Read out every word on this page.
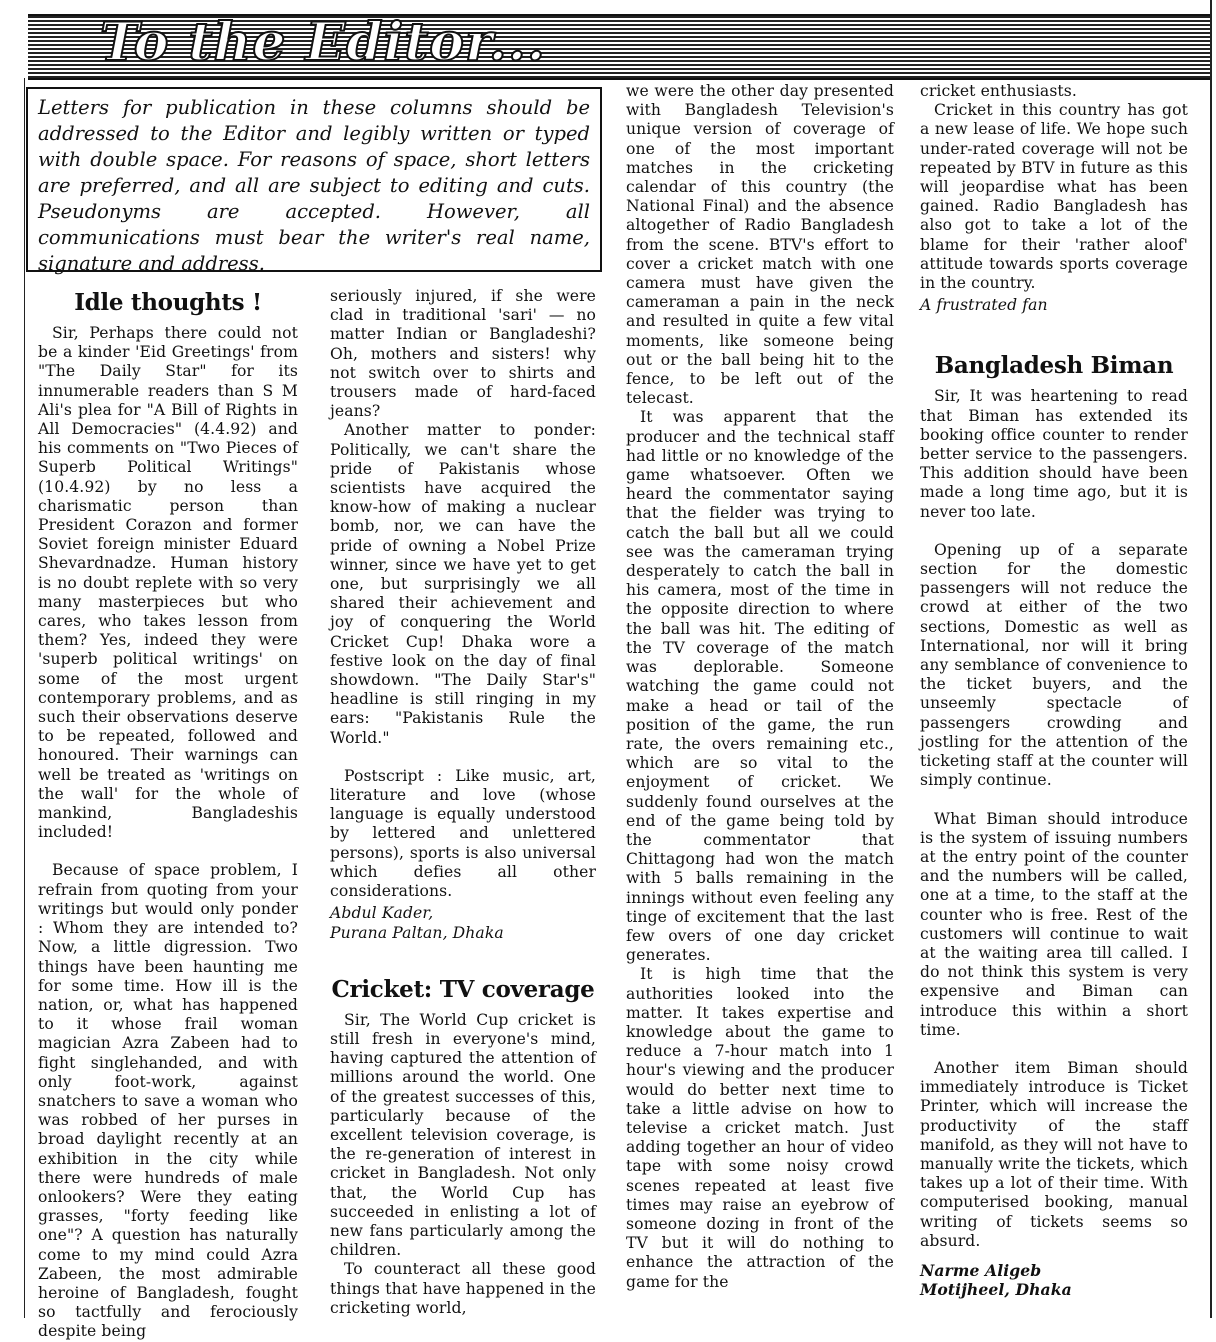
To the Editor...
Letters for publication in these columns should be addressed to the Editor and legibly written or typed with double space. For reasons of space, short letters are preferred, and all are subject to editing and cuts. Pseudonyms are accepted. However, all communications must bear the writer's real name, signature and address.
Idle thoughts !

Sir, Perhaps there could not be a kinder 'Eid Greetings' from "The Daily Star" for its innumerable readers than S M Ali's plea for "A Bill of Rights in All Democracies" (4.4.92) and his comments on "Two Pieces of Superb Political Writings" (10.4.92) by no less a charismatic person than President Corazon and former Soviet foreign minister Eduard Shevardnadze. Human history is no doubt replete with so very many masterpieces but who cares, who takes lesson from them? Yes, indeed they were 'superb political writings' on some of the most urgent contemporary problems, and as such their observations deserve to be repeated, followed and honoured. Their warnings can well be treated as 'writings on the wall' for the whole of mankind, Bangladeshis included!

Because of space problem, I refrain from quoting from your writings but would only ponder : Whom they are intended to? Now, a little digression. Two things have been haunting me for some time. How ill is the nation, or, what has happened to it whose frail woman magician Azra Zabeen had to fight singlehanded, and with only foot-work, against snatchers to save a woman who was robbed of her purses in broad daylight recently at an exhibition in the city while there were hundreds of male onlookers? Were they eating grasses, "forty feeding like one"? A question has naturally come to my mind could Azra Zabeen, the most admirable heroine of Bangladesh, fought so tactfully and ferociously despite being

seriously injured, if she were clad in traditional 'sari' — no matter Indian or Bangladeshi? Oh, mothers and sisters! why not switch over to shirts and trousers made of hard-faced jeans?

Another matter to ponder: Politically, we can't share the pride of Pakistanis whose scientists have acquired the know-how of making a nuclear bomb, nor, we can have the pride of owning a Nobel Prize winner, since we have yet to get one, but surprisingly we all shared their achievement and joy of conquering the World Cricket Cup! Dhaka wore a festive look on the day of final showdown. "The Daily Star's" headline is still ringing in my ears: "Pakistanis Rule the World."

Postscript : Like music, art, literature and love (whose language is equally understood by lettered and unlettered persons), sports is also universal which defies all other considerations.

Abdul Kader,

Purana Paltan, Dhaka

Cricket: TV coverage

Sir, The World Cup cricket is still fresh in everyone's mind, having captured the attention of millions around the world. One of the greatest successes of this, particularly because of the excellent television coverage, is the re-generation of interest in cricket in Bangladesh. Not only that, the World Cup has succeeded in enlisting a lot of new fans particularly among the children.

To counteract all these good things that have happened in the cricketing world,

we were the other day presented with Bangladesh Television's unique version of coverage of one of the most important matches in the cricketing calendar of this country (the National Final) and the absence altogether of Radio Bangladesh from the scene. BTV's effort to cover a cricket match with one camera must have given the cameraman a pain in the neck and resulted in quite a few vital moments, like someone being out or the ball being hit to the fence, to be left out of the telecast.

It was apparent that the producer and the technical staff had little or no knowledge of the game whatsoever. Often we heard the commentator saying that the fielder was trying to catch the ball but all we could see was the cameraman trying desperately to catch the ball in his camera, most of the time in the opposite direction to where the ball was hit. The editing of the TV coverage of the match was deplorable. Someone watching the game could not make a head or tail of the position of the game, the run rate, the overs remaining etc., which are so vital to the enjoyment of cricket. We suddenly found ourselves at the end of the game being told by the commentator that Chittagong had won the match with 5 balls remaining in the innings without even feeling any tinge of excitement that the last few overs of one day cricket generates.

It is high time that the authorities looked into the matter. It takes expertise and knowledge about the game to reduce a 7-hour match into 1 hour's viewing and the producer would do better next time to take a little advise on how to televise a cricket match. Just adding together an hour of video tape with some noisy crowd scenes repeated at least five times may raise an eyebrow of someone dozing in front of the TV but it will do nothing to enhance the attraction of the game for the

cricket enthusiasts.

Cricket in this country has got a new lease of life. We hope such under-rated coverage will not be repeated by BTV in future as this will jeopardise what has been gained. Radio Bangladesh has also got to take a lot of the blame for their 'rather aloof' attitude towards sports coverage in the country.

A frustrated fan

Bangladesh Biman

Sir, It was heartening to read that Biman has extended its booking office counter to render better service to the passengers. This addition should have been made a long time ago, but it is never too late.

Opening up of a separate section for the domestic passengers will not reduce the crowd at either of the two sections, Domestic as well as International, nor will it bring any semblance of convenience to the ticket buyers, and the unseemly spectacle of passengers crowding and jostling for the attention of the ticketing staff at the counter will simply continue.

What Biman should introduce is the system of issuing numbers at the entry point of the counter and the numbers will be called, one at a time, to the staff at the counter who is free. Rest of the customers will continue to wait at the waiting area till called. I do not think this system is very expensive and Biman can introduce this within a short time.

Another item Biman should immediately introduce is Ticket Printer, which will increase the productivity of the staff manifold, as they will not have to manually write the tickets, which takes up a lot of their time. With computerised booking, manual writing of tickets seems so absurd.

Narme Aligeb

Motijheel, Dhaka
